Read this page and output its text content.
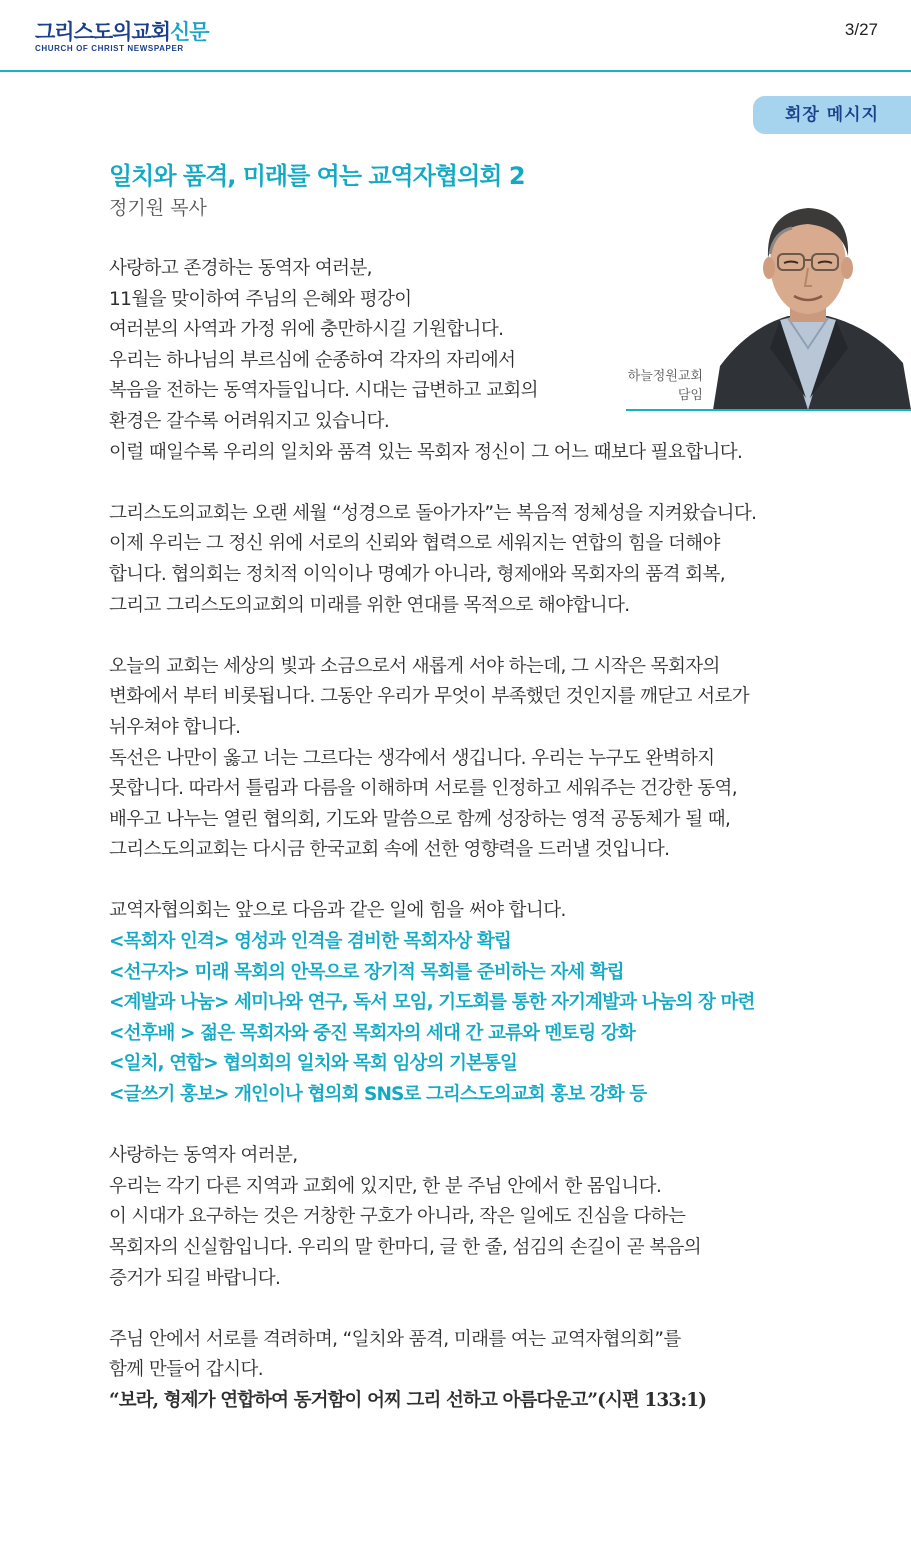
그리스도의교회신문
CHURCH OF CHRIST NEWSPAPER
3/27
회장 메시지
일치와 품격, 미래를 여는 교역자협의회 2
정기원 목사
하늘정원교회
담임
사랑하고 존경하는 동역자 여러분,
11월을 맞이하여 주님의 은혜와 평강이
여러분의 사역과 가정 위에 충만하시길 기원합니다.
우리는 하나님의 부르심에 순종하여 각자의 자리에서
복음을 전하는 동역자들입니다. 시대는 급변하고 교회의
환경은 갈수록 어려워지고 있습니다.
이럴 때일수록 우리의 일치와 품격 있는 목회자 정신이 그 어느 때보다 필요합니다.
그리스도의교회는 오랜 세월 “성경으로 돌아가자”는 복음적 정체성을 지켜왔습니다.
이제 우리는 그 정신 위에 서로의 신뢰와 협력으로 세워지는 연합의 힘을 더해야
합니다. 협의회는 정치적 이익이나 명예가 아니라, 형제애와 목회자의 품격 회복,
그리고 그리스도의교회의 미래를 위한 연대를 목적으로 해야합니다.
오늘의 교회는 세상의 빛과 소금으로서 새롭게 서야 하는데, 그 시작은 목회자의
변화에서 부터 비롯됩니다. 그동안 우리가 무엇이 부족했던 것인지를 깨닫고 서로가
뉘우쳐야 합니다.
독선은 나만이 옳고 너는 그르다는 생각에서 생깁니다. 우리는 누구도 완벽하지
못합니다. 따라서 틀림과 다름을 이해하며 서로를 인정하고 세워주는 건강한 동역,
배우고 나누는 열린 협의회, 기도와 말씀으로 함께 성장하는 영적 공동체가 될 때,
그리스도의교회는 다시금 한국교회 속에 선한 영향력을 드러낼 것입니다.
교역자협의회는 앞으로 다음과 같은 일에 힘을 써야 합니다.
<목회자 인격> 영성과 인격을 겸비한 목회자상 확립
<선구자> 미래 목회의 안목으로 장기적 목회를 준비하는 자세 확립
<계발과 나눔> 세미나와 연구, 독서 모임, 기도회를 통한 자기계발과 나눔의 장 마련
<선후배 > 젊은 목회자와 중진 목회자의 세대 간 교류와 멘토링 강화
<일치, 연합> 협의회의 일치와 목회 임상의 기본통일
<글쓰기 홍보> 개인이나 협의회 SNS로 그리스도의교회 홍보 강화 등
사랑하는 동역자 여러분,
우리는 각기 다른 지역과 교회에 있지만, 한 분 주님 안에서 한 몸입니다.
이 시대가 요구하는 것은 거창한 구호가 아니라, 작은 일에도 진심을 다하는
목회자의 신실함입니다. 우리의 말 한마디, 글 한 줄, 섬김의 손길이 곧 복음의
증거가 되길 바랍니다.
주님 안에서 서로를 격려하며, “일치와 품격, 미래를 여는 교역자협의회”를
함께 만들어 갑시다.
“보라, 형제가 연합하여 동거함이 어찌 그리 선하고 아름다운고”(시편 133:1)
